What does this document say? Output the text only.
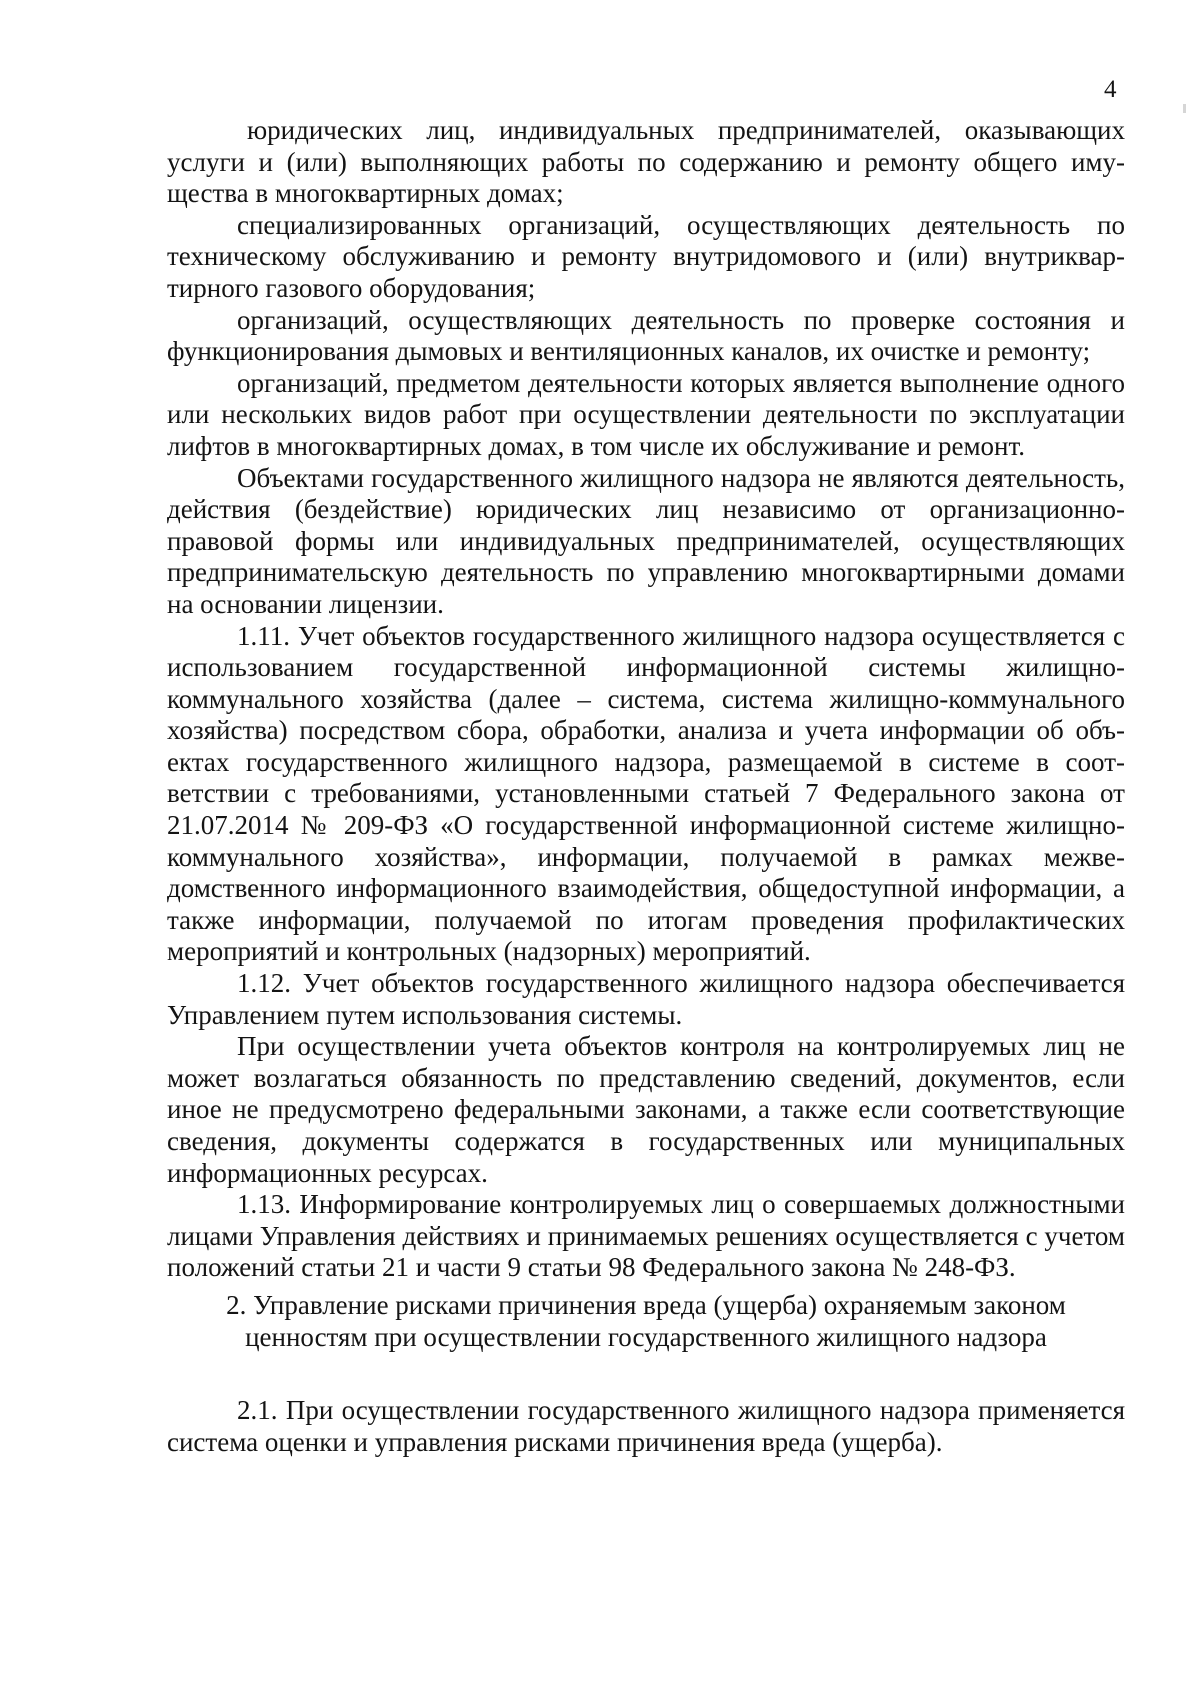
4

юридических лиц, индивидуальных предпринимателей, оказывающих услуги и (или) выполняющих работы по содержанию и ремонту общего имущества в многоквартирных домах;

специализированных организаций, осуществляющих деятельность по техническому обслуживанию и ремонту внутридомового и (или) внутриквартирного газового оборудования;

организаций, осуществляющих деятельность по проверке состояния и функционирования дымовых и вентиляционных каналов, их очистке и ремонту;

организаций, предметом деятельности которых является выполнение одного или нескольких видов работ при осуществлении деятельности по эксплуатации лифтов в многоквартирных домах, в том числе их обслуживание и ремонт.

Объектами государственного жилищного надзора не являются деятельность, действия (бездействие) юридических лиц независимо от организационно-правовой формы или индивидуальных предпринимателей, осуществляющих предпринимательскую деятельность по управлению многоквартирными домами на основании лицензии.

1.11. Учет объектов государственного жилищного надзора осуществляется с использованием государственной информационной системы жилищно-коммунального хозяйства (далее – система, система жилищно-коммунального хозяйства) посредством сбора, обработки, анализа и учета информации об объектах государственного жилищного надзора, размещаемой в системе в соответствии с требованиями, установленными статьей 7 Федерального закона от 21.07.2014 № 209-ФЗ «О государственной информационной системе жилищно-коммунального хозяйства», информации, получаемой в рамках межведомственного информационного взаимодействия, общедоступной информации, а также информации, получаемой по итогам проведения профилактических мероприятий и контрольных (надзорных) мероприятий.

1.12. Учет объектов государственного жилищного надзора обеспечивается Управлением путем использования системы.

При осуществлении учета объектов контроля на контролируемых лиц не может возлагаться обязанность по представлению сведений, документов, если иное не предусмотрено федеральными законами, а также если соответствующие сведения, документы содержатся в государственных или муниципальных информационных ресурсах.

1.13. Информирование контролируемых лиц о совершаемых должностными лицами Управления действиях и принимаемых решениях осуществляется с учетом положений статьи 21 и части 9 статьи 98 Федерального закона № 248-ФЗ.

2. Управление рисками причинения вреда (ущерба) охраняемым законом ценностям при осуществлении государственного жилищного надзора

2.1. При осуществлении государственного жилищного надзора применяется система оценки и управления рисками причинения вреда (ущерба).
